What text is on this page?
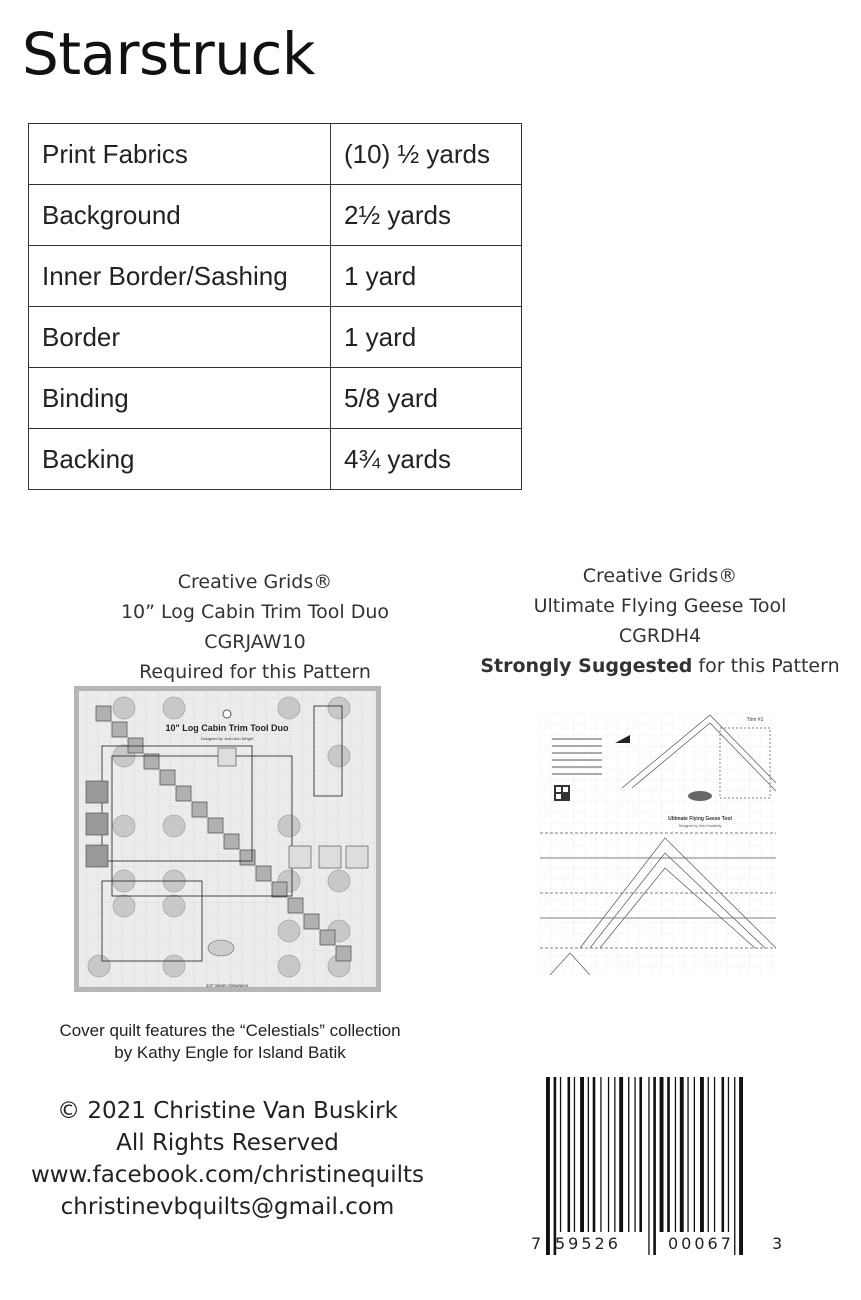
Starstruck
Print Fabrics	(10) ½ yards
Background	2½ yards
Inner Border/Sashing	1 yard
Border	1 yard
Binding	5/8 yard
Backing	4¾ yards
Creative Grids®
10” Log Cabin Trim Tool Duo
CGRJAW10
Required for this Pattern
Creative Grids®
Ultimate Flying Geese Tool
CGRDH4
Strongly Suggested for this Pattern
10" Log Cabin Trim Tool Duo
Designed by Jean Ann Wright
1/4" Seam Allowance
Ultimate Flying Geese Tool
Designed by Deb Heatherly
Trim #1
Cover quilt features the “Celestials” collection
by Kathy Engle for Island Batik
© 2021 Christine Van Buskirk
All Rights Reserved
www.facebook.com/christinequilts
christinevbquilts@gmail.com
7 59526	00067 3
